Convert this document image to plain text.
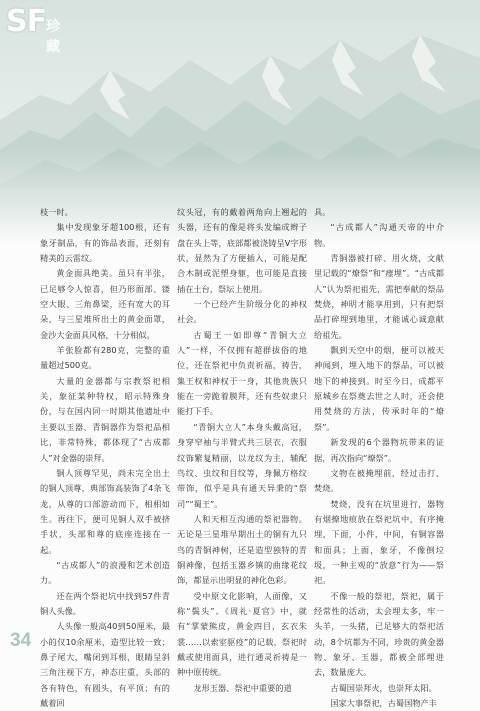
SF 珍藏

枝一时。

集中发现象牙超100根，还有象牙制品，有的饰品表面，还刻有精美的云雷纹。

黄金面具绝美。虽只有半张，已足够令人惊喜，但乃形面部、镂空大眼、三角鼻梁，还有宽大的耳朵，与三星堆所出土的黄金面罩，金沙大金面具风格，十分相似。

羊张脸都有280克，完整的重量超过500克。

大量的金器都与宗教祭祀相关，象征某种特权，昭示特殊身份，与在国内同一时期其他遗址中主要以玉器、青铜器作为祭祀品相比，非常特殊，都体现了“古成都人”对金器的崇拜。

铜人顶尊罕见，尚未完全出土的铜人顶尊，典部饰高装饰了4条飞龙，从尊的口部游动而下，相相如生。再往下，便可见铜人双手被挤手状，头部和尊的底座连接在一起。

“古成都人”的浪漫和艺术创造力。

还在两个祭祀坑中找到57件青铜人头像。

人头像一般高40到50厘米，最小的仅10余厘米，造型比较一致；鼻子尾大，嘴闭到耳根，眼睛呈斜三角注视下方，神态庄重，头部的各有特色，有圆头，有平顶；有的戴着回

纹头冠，有的戴着两角向上翘起的头器，还有的像是将头发编成辫子盘在头上等，底部都被浇铸呈V字形状，显然为了方便插入，可能是配合木制或泥塑身躯，也可能是直接插在土台，祭坛上使用。

一个已经产生阶级分化的神权社会。

古蜀王一如即尊“青铜大立人”一样，不仅拥有超群拔俗的地位，还在祭祀中负责祈福，祷告，集王权和神权于一身，其他贵族只能在一旁跪着膜拜，还有些奴隶只能打下手。

“青铜大立人”本身头戴高冠，身穿窄袖与半臂式共三层衣，衣服纹饰繁复精丽，以龙纹为主，辅配鸟纹、虫纹和目纹等，身佩方格纹带饰，似乎是具有通天异秉的“祭司”“蜀王”。

人和天相互沟通的祭祀器物。无论是三星堆早期出土的铜有九只鸟的青铜神树，还是造型独特的青铜神像，包括玉器乡镇的曲缘花纹饰，都显示出明显的神化色彩。

受中原文化影响，人面像，又称“鬓头”。《周礼·夏官》中，就有“掌蒙熊皮，黄金四目，玄衣朱裳……以索室驱疫”的记载，祭祀时戴或使用面具，进行通灵祈祷是一种中原传统。

龙形玉器、祭祀中重要的道

具。

“古成都人”沟通天帝的中介物。

青铜器被打碎、用火烧，文献里记载的“燎祭”和“瘗埋”。“古成都人”认为祭祀祖先，需把奉献的祭品焚烧，神明才能享用到，只有把祭品打碎埋到地里，才能诚心诚意献给祖先。

飘到天空中的烟，便可以被天神闻到，埋入地下的祭品，可以被地下的神接到。时至今日，成都平原城乡在祭奠去世之人时，还会使用焚烧的方法，传承时年的“燎祭”。

新发现的6个器物坑带来的证据，再次指向“燎祭”。

文物在被掩埋前，经过击打、焚烧。

焚烧，没有在坑里进行，器物有烟撩地痕放在祭祀坑中，有序掩埋，下面，小件，中间，有铜容器和面具；上面，象牙，不像倒垃圾，一种主观的“放意”行为——祭祀。

不像一般的祭祀，祭祀，属于经常性的活动，太会埋太多，牢一头羊，一头猪，已足够大的祭祀活动，8个坑都为不同，珍贵的黄金器物、象牙、玉器，都被全部埋进去，数量庞大。

古蜀国崇拜火，也崇拜太阳。

国家大事祭祀，古蜀国物产丰

34
